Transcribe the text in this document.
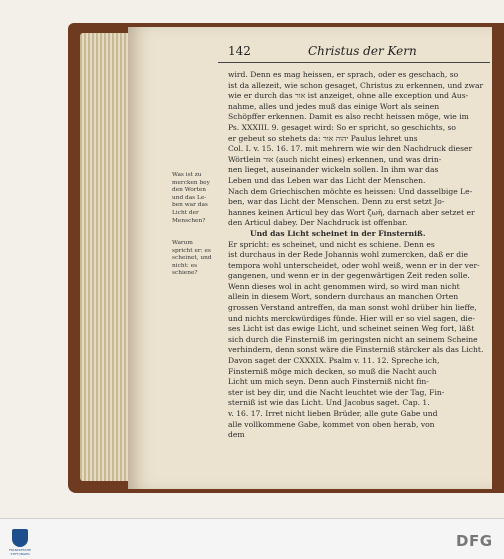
142	Christus der Kern
Was ist zu
mercken bey
den Worten
und das Le-
ben war das
Licht der
Menschen?
Warum
spricht er: es
scheinet, und
nicht: es
schiene?
wird. Denn es mag heissen, er sprach, oder es geschach, so
ist da allezeit, wie schon gesaget, Christus zu erkennen, und zwar
wie er durch das אור ist anzeiget, ohne alle exception und Aus-
nahme, alles und jedes muß das einige Wort als seinen
Schöpffer erkennen. Damit es also recht heissen möge, wie im
Ps. XXXIII. 9. gesaget wird: So er spricht, so geschichts, so
er gebeut so stehets da: יהוה אור Paulus lehret uns
Col. I. v. 15. 16. 17. mit mehrern wie wir den Nachdruck dieser
Wörtlein אור (auch nicht eines) erkennen, und was drin-
nen lieget, auseinander wickeln sollen. In ihm war das
Leben und das Leben war das Licht der Menschen.
Nach dem Griechischen möchte es heissen: Und dasselbige Le-
ben, war das Licht der Menschen. Denn zu erst setzt Jo-
hannes keinen Articul bey das Wort ζωὴ, darnach aber setzet er
den Articul dabey. Der Nachdruck ist offenbar.
Und das Licht scheinet in der Finsterniß.
Er spricht: es scheinet, und nicht es schiene. Denn es
ist durchaus in der Rede Johannis wohl zumercken, daß er die
tempora wohl unterscheidet, oder wohl weiß, wenn er in der ver-
gangenen, und wenn er in der gegenwärtigen Zeit reden solle.
Wenn dieses wol in acht genommen wird, so wird man nicht
allein in diesem Wort, sondern durchaus an manchen Orten
grossen Verstand antreffen, da man sonst wohl drüber hin lieffe,
und nichts merckwürdiges fünde. Hier will er so viel sagen, die-
ses Licht ist das ewige Licht, und scheinet seinen Weg fort, läßt
sich durch die Finsterniß im geringsten nicht an seinem Scheine
verhindern, denn sonst wäre die Finsterniß stärcker als das Licht.
Davon saget der CXXXIX. Psalm v. 11. 12. Spreche ich,
Finsterniß möge mich decken, so muß die Nacht auch
Licht um mich seyn. Denn auch Finsterniß nicht fin-
ster ist bey dir, und die Nacht leuchtet wie der Tag, Fin-
sterniß ist wie das Licht. Und Jacobus saget. Cap. 1.
v. 16. 17. Irret nicht lieben Brüder, alle gute Gabe und
alle vollkommene Gabe, kommet von oben herab, von
dem
FRANCKESCHE STIFTUNGEN
DFG
